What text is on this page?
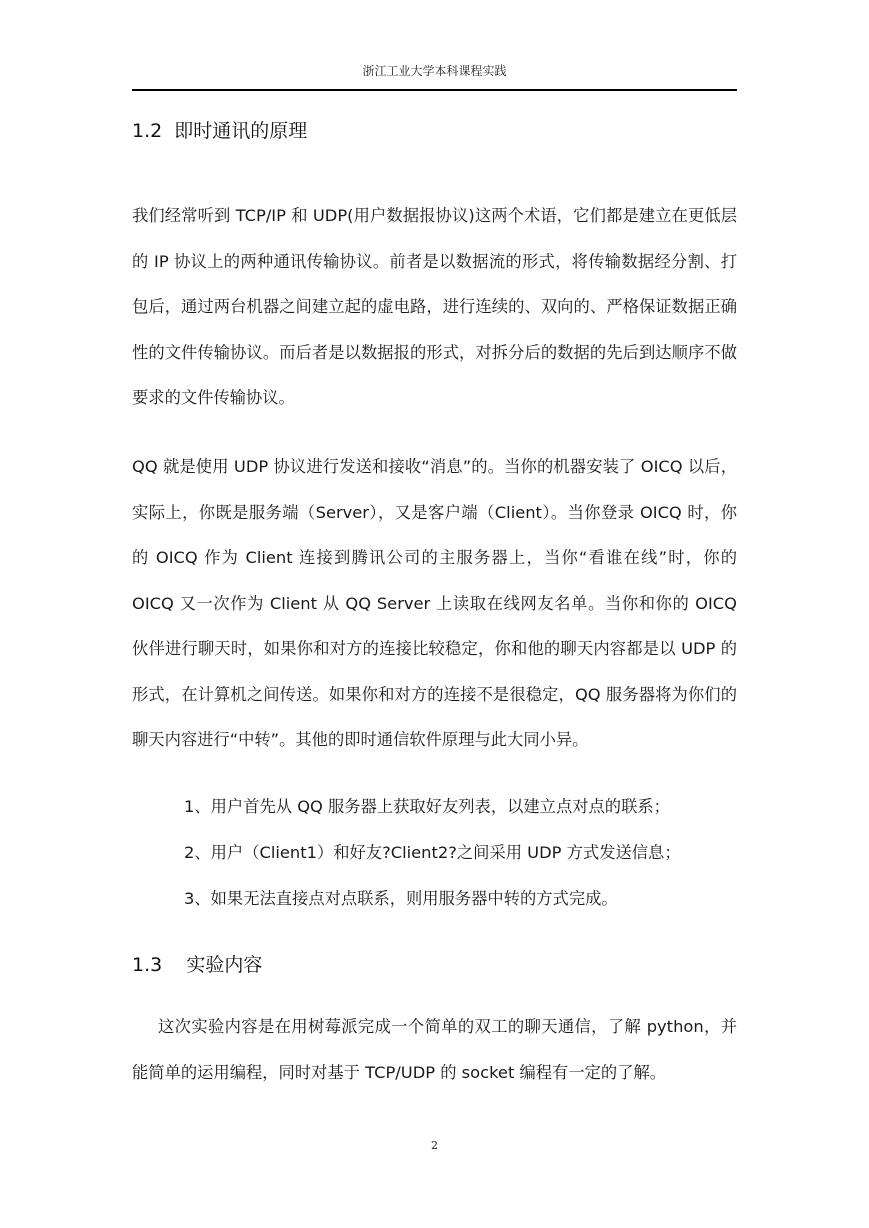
浙江工业大学本科课程实践
1.2  即时通讯的原理

我们经常听到 TCP/IP 和 UDP(用户数据报协议)这两个术语，它们都是建立在更低层的 IP 协议上的两种通讯传输协议。前者是以数据流的形式，将传输数据经分割、打包后，通过两台机器之间建立起的虚电路，进行连续的、双向的、严格保证数据正确性的文件传输协议。而后者是以数据报的形式，对拆分后的数据的先后到达顺序不做要求的文件传输协议。

QQ 就是使用 UDP 协议进行发送和接收“消息”的。当你的机器安装了 OICQ 以后，实际上，你既是服务端（Server），又是客户端（Client）。当你登录 OICQ 时，你的 OICQ 作为 Client 连接到腾讯公司的主服务器上，当你“看谁在线”时，你的 OICQ 又一次作为 Client 从 QQ Server 上读取在线网友名单。当你和你的 OICQ 伙伴进行聊天时，如果你和对方的连接比较稳定，你和他的聊天内容都是以 UDP 的形式，在计算机之间传送。如果你和对方的连接不是很稳定，QQ 服务器将为你们的聊天内容进行“中转”。其他的即时通信软件原理与此大同小异。

1、用户首先从 QQ 服务器上获取好友列表，以建立点对点的联系；
2、用户（Client1）和好友?Client2?之间采用 UDP 方式发送信息；
3、如果无法直接点对点联系，则用服务器中转的方式完成。
1.3    实验内容

这次实验内容是在用树莓派完成一个简单的双工的聊天通信，了解 python，并能简单的运用编程，同时对基于 TCP/UDP 的 socket 编程有一定的了解。

2
